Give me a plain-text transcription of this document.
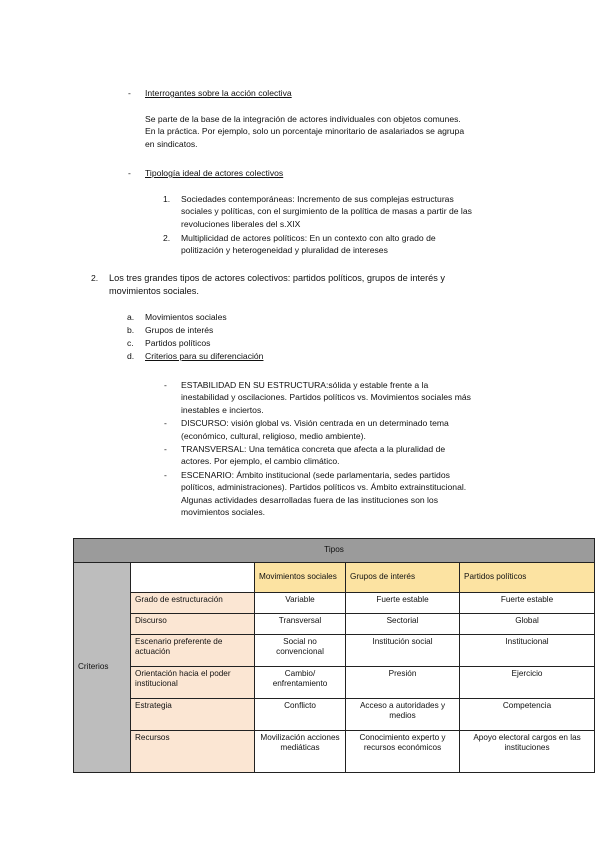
- Interrogantes sobre la acción colectiva
Se parte de la base de la integración de actores individuales con objetos comunes.
En la práctica. Por ejemplo, solo un porcentaje minoritario de asalariados se agrupa
en sindicatos.
- Tipología ideal de actores colectivos
1. Sociedades contemporáneas: Incremento de sus complejas estructuras
sociales y políticas, con el surgimiento de la política de masas a partir de las
revoluciones liberales del s.XIX
2. Multiplicidad de actores políticos: En un contexto con alto grado de
politización y heterogeneidad y pluralidad de intereses
2. Los tres grandes tipos de actores colectivos: partidos políticos, grupos de interés y
movimientos sociales.
a. Movimientos sociales
b. Grupos de interés
c. Partidos políticos
d. Criterios para su diferenciación
- ESTABILIDAD EN SU ESTRUCTURA:sólida y estable frente a la
inestabilidad y oscilaciones. Partidos políticos vs. Movimientos sociales más
inestables e inciertos.
- DISCURSO: visión global vs. Visión centrada en un determinado tema
(económico, cultural, religioso, medio ambiente).
- TRANSVERSAL: Una temática concreta que afecta a la pluralidad de
actores. Por ejemplo, el cambio climático.
- ESCENARIO: Ámbito institucional (sede parlamentaria, sedes partidos
políticos, administraciones). Partidos políticos vs. Ámbito extrainstitucional.
Algunas actividades desarrolladas fuera de las instituciones son los
movimientos sociales.
Tipos				
Criterios		Movimientos sociales	Grupos de interés	Partidos políticos
	Grado de estructuración	Variable	Fuerte estable	Fuerte estable
	Discurso	Transversal	Sectorial	Global
	Escenario preferente de actuación	Social no convencional	Institución social	Institucional
	Orientación hacia el poder institucional	Cambio/ enfrentamiento	Presión	Ejercicio
	Estrategia	Conflicto	Acceso a autoridades y medios	Competencia
	Recursos	Movilización acciones mediáticas	Conocimiento experto y recursos económicos	Apoyo electoral cargos en las instituciones
